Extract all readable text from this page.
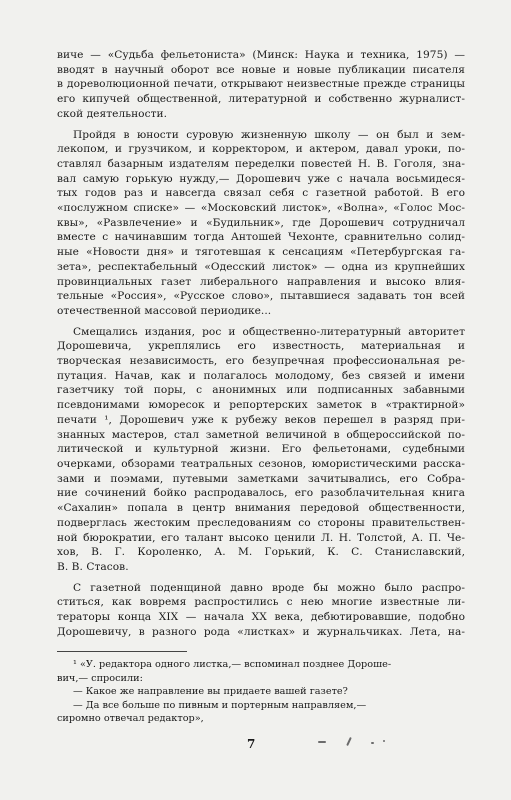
виче — «Судьба фельетониста» (Минск: Наука и техника, 1975) —
вводят в научный оборот все новые и новые публикации писателя
в дореволюционной печати, открывают неизвестные прежде страницы
его кипучей общественной, литературной и собственно журналист-
ской деятельности.
Пройдя в юности суровую жизненную школу — он был и зем-
лекопом, и грузчиком, и корректором, и актером, давал уроки, по-
ставлял базарным издателям переделки повестей Н. В. Гоголя, зна-
вал самую горькую нужду,— Дорошевич уже с начала восьмидеся-
тых годов раз и навсегда связал себя с газетной работой. В его
«послужном списке» — «Московский листок», «Волна», «Голос Мос-
квы», «Развлечение» и «Будильник», где Дорошевич сотрудничал
вместе с начинавшим тогда Антошей Чехонте, сравнительно солид-
ные «Новости дня» и тяготевшая к сенсациям «Петербургская га-
зета», респектабельный «Одесский листок» — одна из крупнейших
провинциальных газет либерального направления и высоко влия-
тельные «Россия», «Русское слово», пытавшиеся задавать тон всей
отечественной массовой периодике...
Смещались издания, рос и общественно-литературный авторитет
Дорошевича, укреплялись его известность, материальная и
творческая независимость, его безупречная профессиональная ре-
путация. Начав, как и полагалось молодому, без связей и имени
газетчику той поры, с анонимных или подписанных забавными
псевдонимами юморесок и репортерских заметок в «трактирной»
печати ¹, Дорошевич уже к рубежу веков перешел в разряд при-
знанных мастеров, стал заметной величиной в общероссийской по-
литической и культурной жизни. Его фельетонами, судебными
очерками, обзорами театральных сезонов, юмористическими расска-
зами и поэмами, путевыми заметками зачитывались, его Собра-
ние сочинений бойко распродавалось, его разоблачительная книга
«Сахалин» попала в центр внимания передовой общественности,
подверглась жестоким преследованиям со стороны правительствен-
ной бюрократии, его талант высоко ценили Л. Н. Толстой, А. П. Че-
хов, В. Г. Короленко, А. М. Горький, К. С. Станиславский,
В. В. Стасов.
С газетной поденщиной давно вроде бы можно было распро-
ститься, как вовремя распростились с нею многие известные ли-
тераторы конца XIX — начала XX века, дебютировавшие, подобно
Дорошевичу, в разного рода «листках» и журнальчиках. Лета, на-
¹ «У. редактора одного листка,— вспоминал позднее Дороше-
вич,— спросили:
— Какое же направление вы придаете вашей газете?
— Да все больше по пивным и портерным направляем,—
сиромно отвечал редактор»,
7
